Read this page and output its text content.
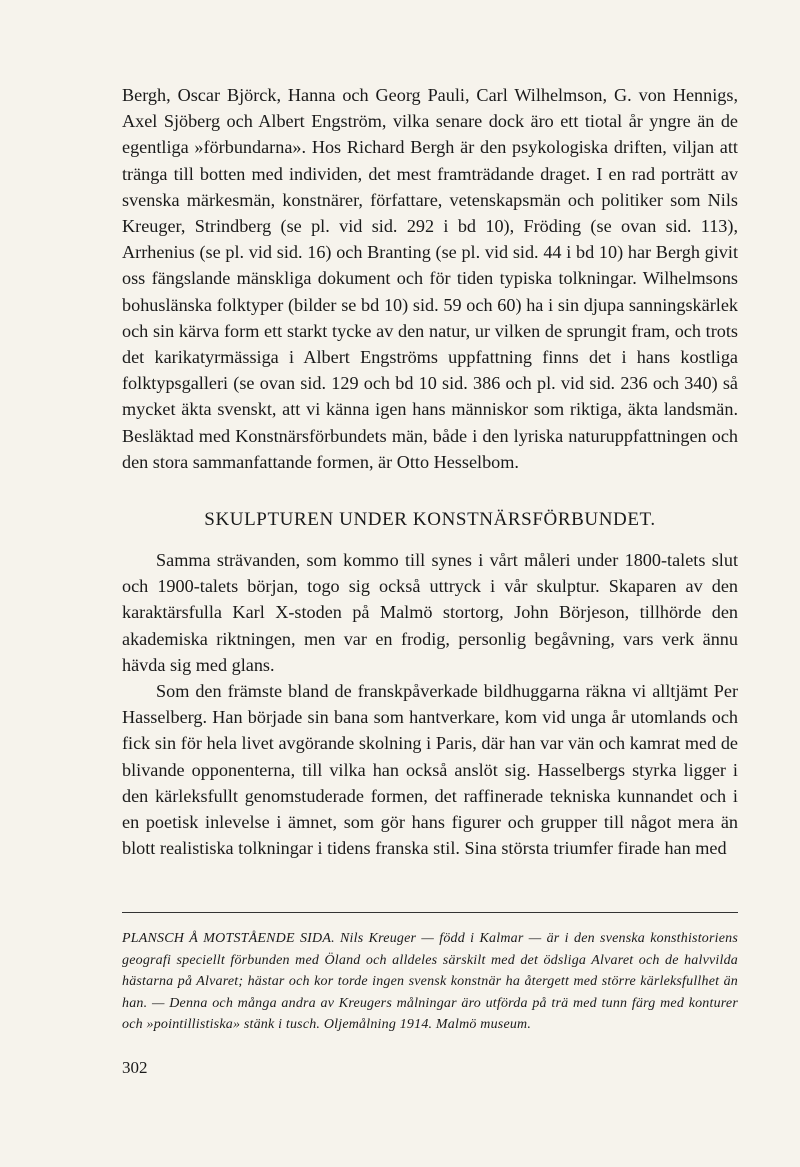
Bergh, Oscar Björck, Hanna och Georg Pauli, Carl Wilhelmson, G. von Hennigs, Axel Sjöberg och Albert Engström, vilka senare dock äro ett tiotal år yngre än de egentliga »förbundarna». Hos Richard Bergh är den psykologiska driften, viljan att tränga till botten med individen, det mest framträdande draget. I en rad porträtt av svenska märkesmän, konstnärer, författare, vetenskapsmän och politiker som Nils Kreuger, Strindberg (se pl. vid sid. 292 i bd 10), Fröding (se ovan sid. 113), Arrhenius (se pl. vid sid. 16) och Branting (se pl. vid sid. 44 i bd 10) har Bergh givit oss fängslande mänskliga dokument och för tiden typiska tolkningar. Wilhelmsons bohuslänska folktyper (bilder se bd 10) sid. 59 och 60) ha i sin djupa sanningskärlek och sin kärva form ett starkt tycke av den natur, ur vilken de sprungit fram, och trots det karikatyrmässiga i Albert Engströms uppfattning finns det i hans kostliga folktypsgalleri (se ovan sid. 129 och bd 10 sid. 386 och pl. vid sid. 236 och 340) så mycket äkta svenskt, att vi känna igen hans människor som riktiga, äkta landsmän. Besläktad med Konstnärsförbundets män, både i den lyriska naturuppfattningen och den stora sammanfattande formen, är Otto Hesselbom.

SKULPTUREN UNDER KONSTNÄRSFÖRBUNDET.

Samma strävanden, som kommo till synes i vårt måleri under 1800-talets slut och 1900-talets början, togo sig också uttryck i vår skulptur. Skaparen av den karaktärsfulla Karl X-stoden på Malmö stortorg, John Börjeson, tillhörde den akademiska riktningen, men var en frodig, personlig begåvning, vars verk ännu hävda sig med glans.

Som den främste bland de franskpåverkade bildhuggarna räkna vi alltjämt Per Hasselberg. Han började sin bana som hantverkare, kom vid unga år utomlands och fick sin för hela livet avgörande skolning i Paris, där han var vän och kamrat med de blivande opponenterna, till vilka han också anslöt sig. Hasselbergs styrka ligger i den kärleksfullt genomstuderade formen, det raffinerade tekniska kunnandet och i en poetisk inlevelse i ämnet, som gör hans figurer och grupper till något mera än blott realistiska tolkningar i tidens franska stil. Sina största triumfer firade han med

PLANSCH Å MOTSTÅENDE SIDA. Nils Kreuger — född i Kalmar — är i den svenska konsthistoriens geografi speciellt förbunden med Öland och alldeles särskilt med det ödsliga Alvaret och de halvvilda hästarna på Alvaret; hästar och kor torde ingen svensk konstnär ha återgett med större kärleksfullhet än han. — Denna och många andra av Kreugers målningar äro utförda på trä med tunn färg med konturer och »pointillistiska» stänk i tusch. Oljemålning 1914. Malmö museum.

302
